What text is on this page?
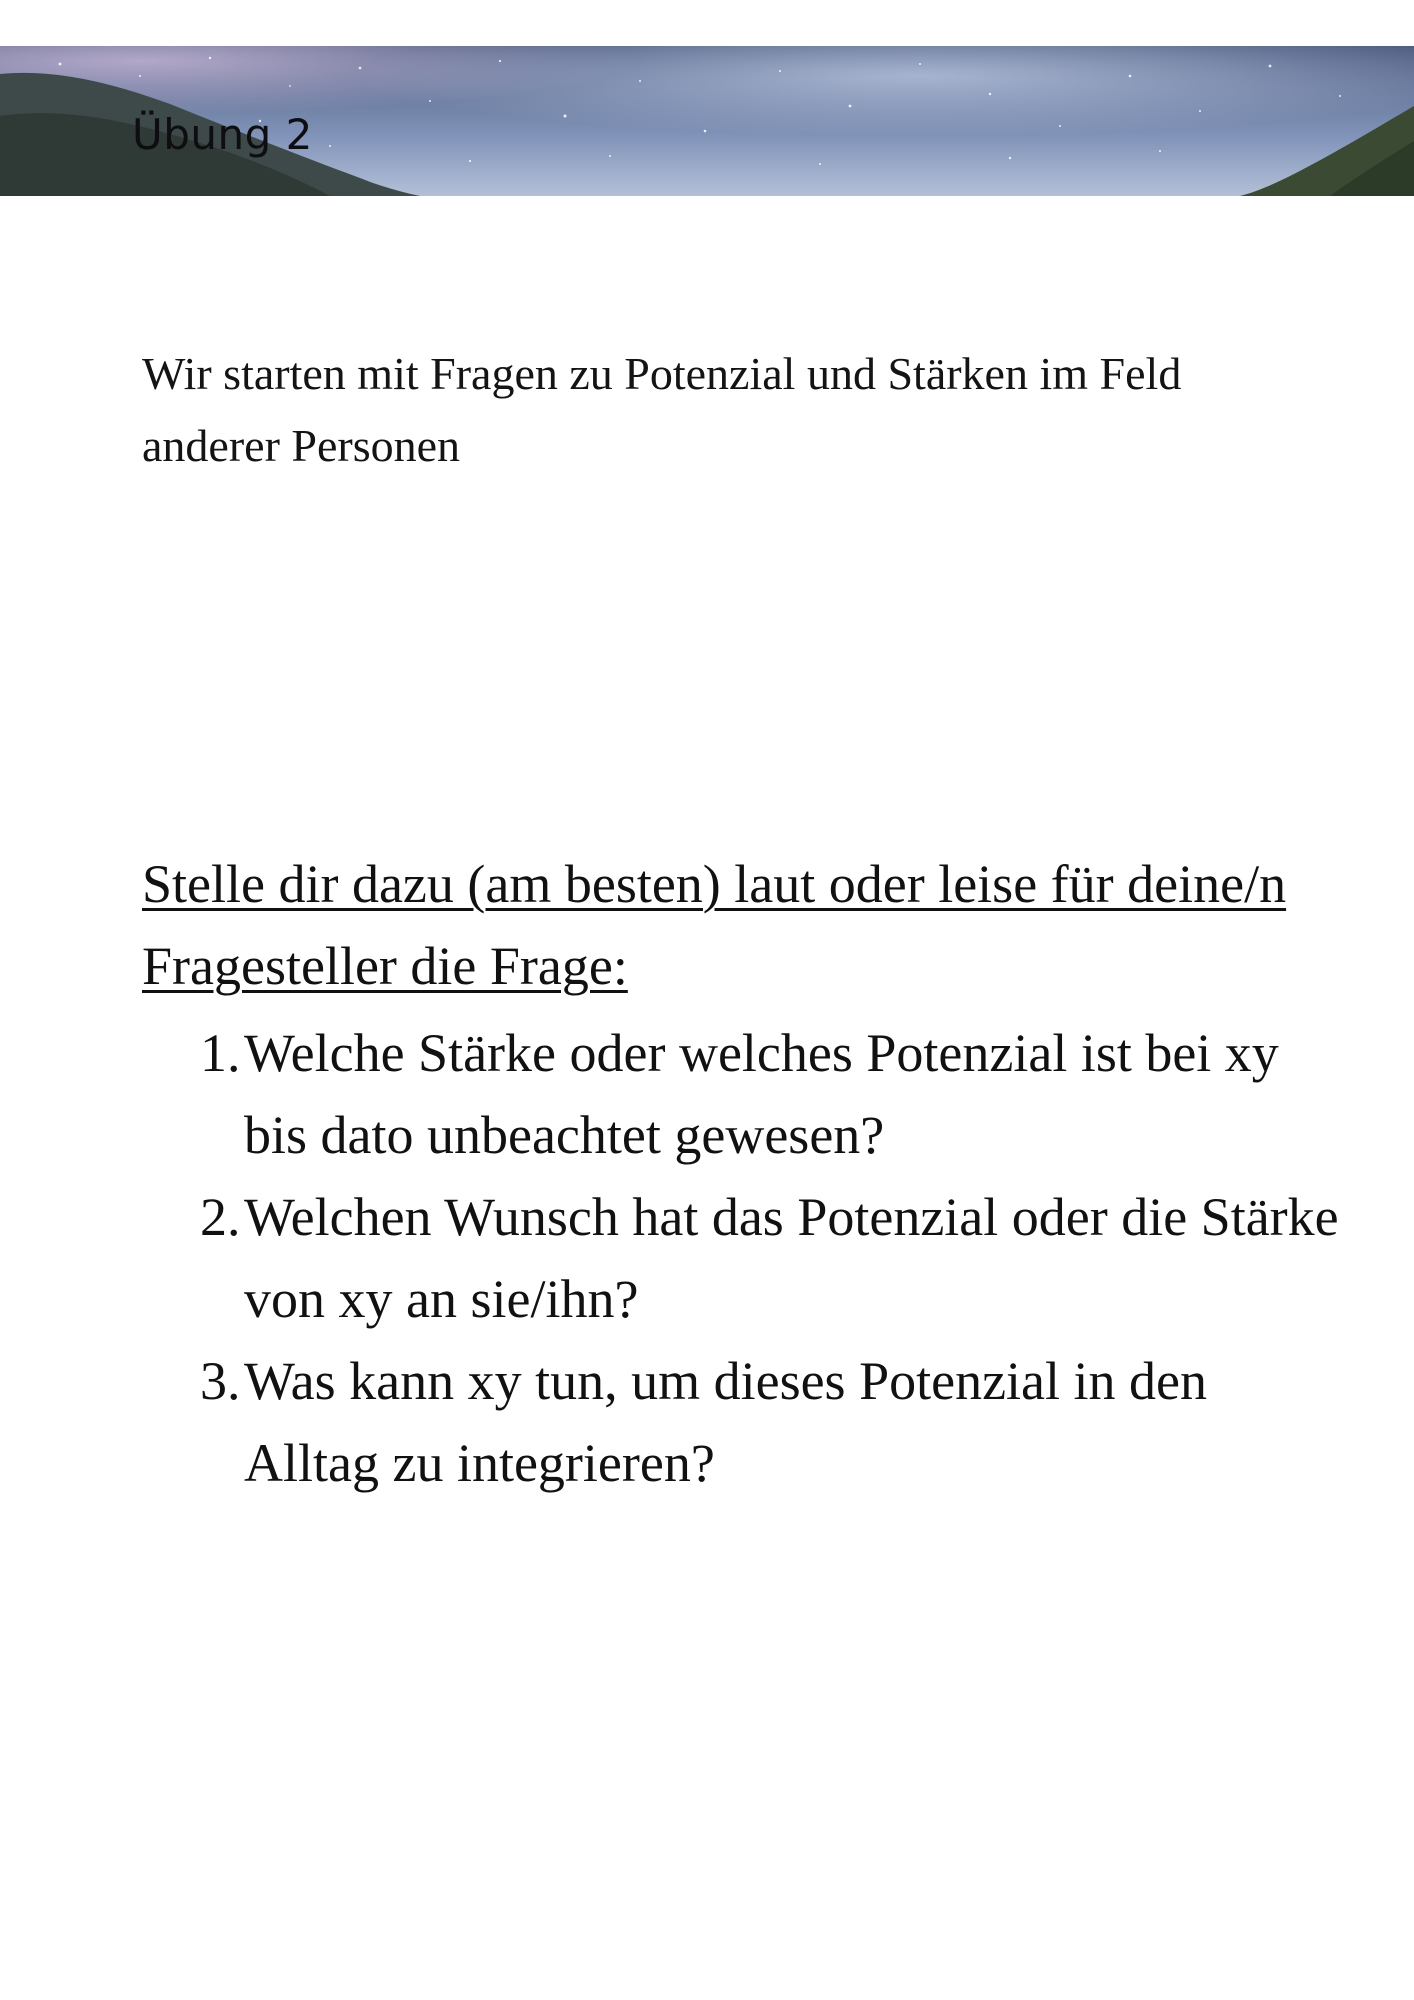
Übung 2

Wir starten mit Fragen zu Potenzial und Stärken im Feld anderer Personen

Stelle dir dazu (am besten) laut oder leise für deine/n Fragesteller die Frage:

1. Welche Stärke oder welches Potenzial ist bei xy bis dato unbeachtet gewesen?
2. Welchen Wunsch hat das Potenzial oder die Stärke von xy an sie/ihn?
3. Was kann xy tun, um dieses Potenzial in den Alltag zu integrieren?
